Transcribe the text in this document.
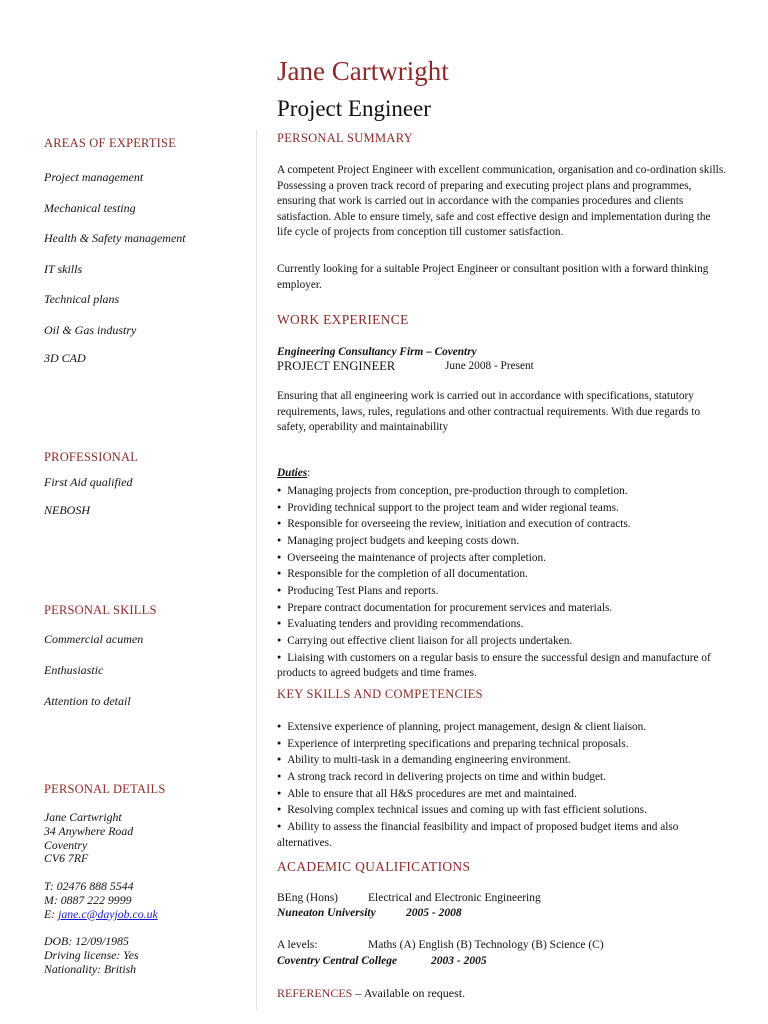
Jane Cartwright
Project Engineer
AREAS OF EXPERTISE
Project management
Mechanical testing
Health & Safety management
IT skills
Technical plans
Oil & Gas industry
3D CAD
PROFESSIONAL
First Aid qualified
NEBOSH
PERSONAL SKILLS
Commercial acumen
Enthusiastic
Attention to detail
PERSONAL DETAILS
Jane Cartwright
34 Anywhere Road
Coventry
CV6 7RF
T: 02476 888 5544
M: 0887 222 9999
E: jane.c@dayjob.co.uk
DOB: 12/09/1985
Driving license: Yes
Nationality: British
PERSONAL SUMMARY
A competent Project Engineer with excellent communication, organisation and co-ordination skills. Possessing a proven track record of preparing and executing project plans and programmes, ensuring that work is carried out in accordance with the companies procedures and clients satisfaction. Able to ensure timely, safe and cost effective design and implementation during the life cycle of projects from conception till customer satisfaction.
Currently looking for a suitable Project Engineer or consultant position with a forward thinking employer.
WORK EXPERIENCE
Engineering Consultancy Firm – Coventry
PROJECT ENGINEER	June 2008 - Present
Ensuring that all engineering work is carried out in accordance with specifications, statutory requirements, laws, rules, regulations and other contractual requirements. With due regards to safety, operability and maintainability
Duties:
● Managing projects from conception, pre-production through to completion.
● Providing technical support to the project team and wider regional teams.
● Responsible for overseeing the review, initiation and execution of contracts.
● Managing project budgets and keeping costs down.
● Overseeing the maintenance of projects after completion.
● Responsible for the completion of all documentation.
● Producing Test Plans and reports.
● Prepare contract documentation for procurement services and materials.
● Evaluating tenders and providing recommendations.
● Carrying out effective client liaison for all projects undertaken.
● Liaising with customers on a regular basis to ensure the successful design and manufacture of products to agreed budgets and time frames.
KEY SKILLS AND COMPETENCIES
● Extensive experience of planning, project management, design & client liaison.
● Experience of interpreting specifications and preparing technical proposals.
● Ability to multi-task in a demanding engineering environment.
● A strong track record in delivering projects on time and within budget.
● Able to ensure that all H&S procedures are met and maintained.
● Resolving complex technical issues and coming up with fast efficient solutions.
● Ability to assess the financial feasibility and impact of proposed budget items and also alternatives.
ACADEMIC QUALIFICATIONS
BEng (Hons)	Electrical and Electronic Engineering
Nuneaton University	2005 - 2008
A levels:	Maths (A) English (B) Technology (B) Science (C)
Coventry Central College	2003 - 2005
REFERENCES – Available on request.
